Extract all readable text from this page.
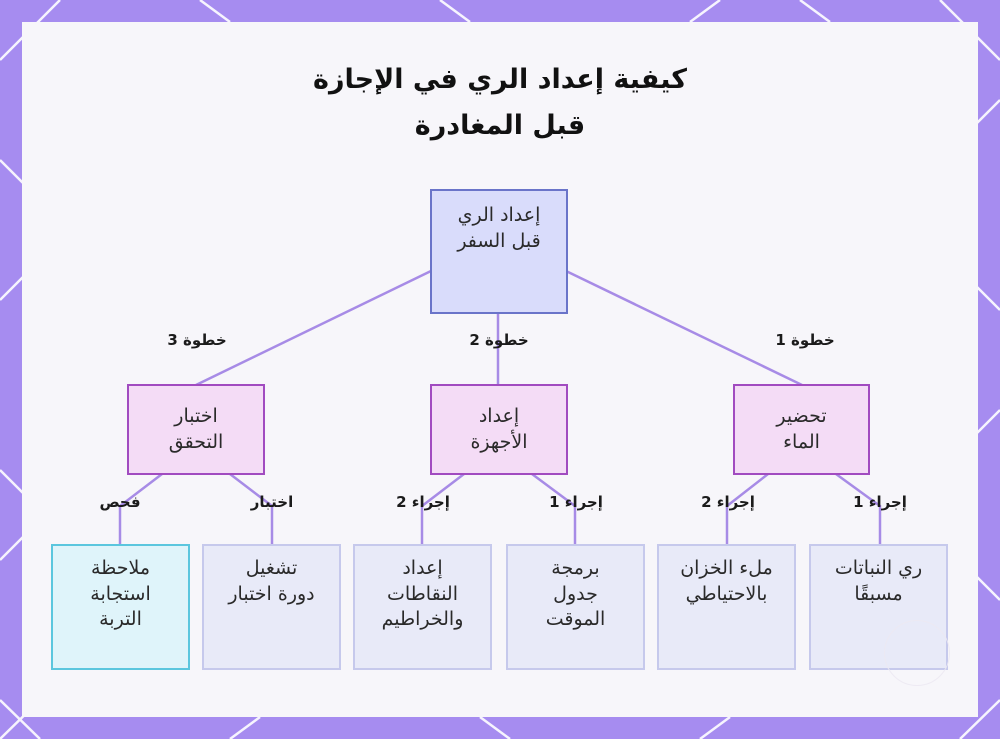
كيفية إعداد الري في الإجازة
قبل المغادرة
خطوة 1
خطوة 2
خطوة 3
إجراء 1
إجراء 2
إجراء 1
إجراء 2
اختبار
فحص
إعداد الري
قبل السفر
تحضير
الماء
إعداد
الأجهزة
اختبار
التحقق
ري النباتات
مسبقًا
ملء الخزان
بالاحتياطي
برمجة
جدول
الموقت
إعداد
النقاطات
والخراطيم
تشغيل
دورة اختبار
ملاحظة
استجابة
التربة
